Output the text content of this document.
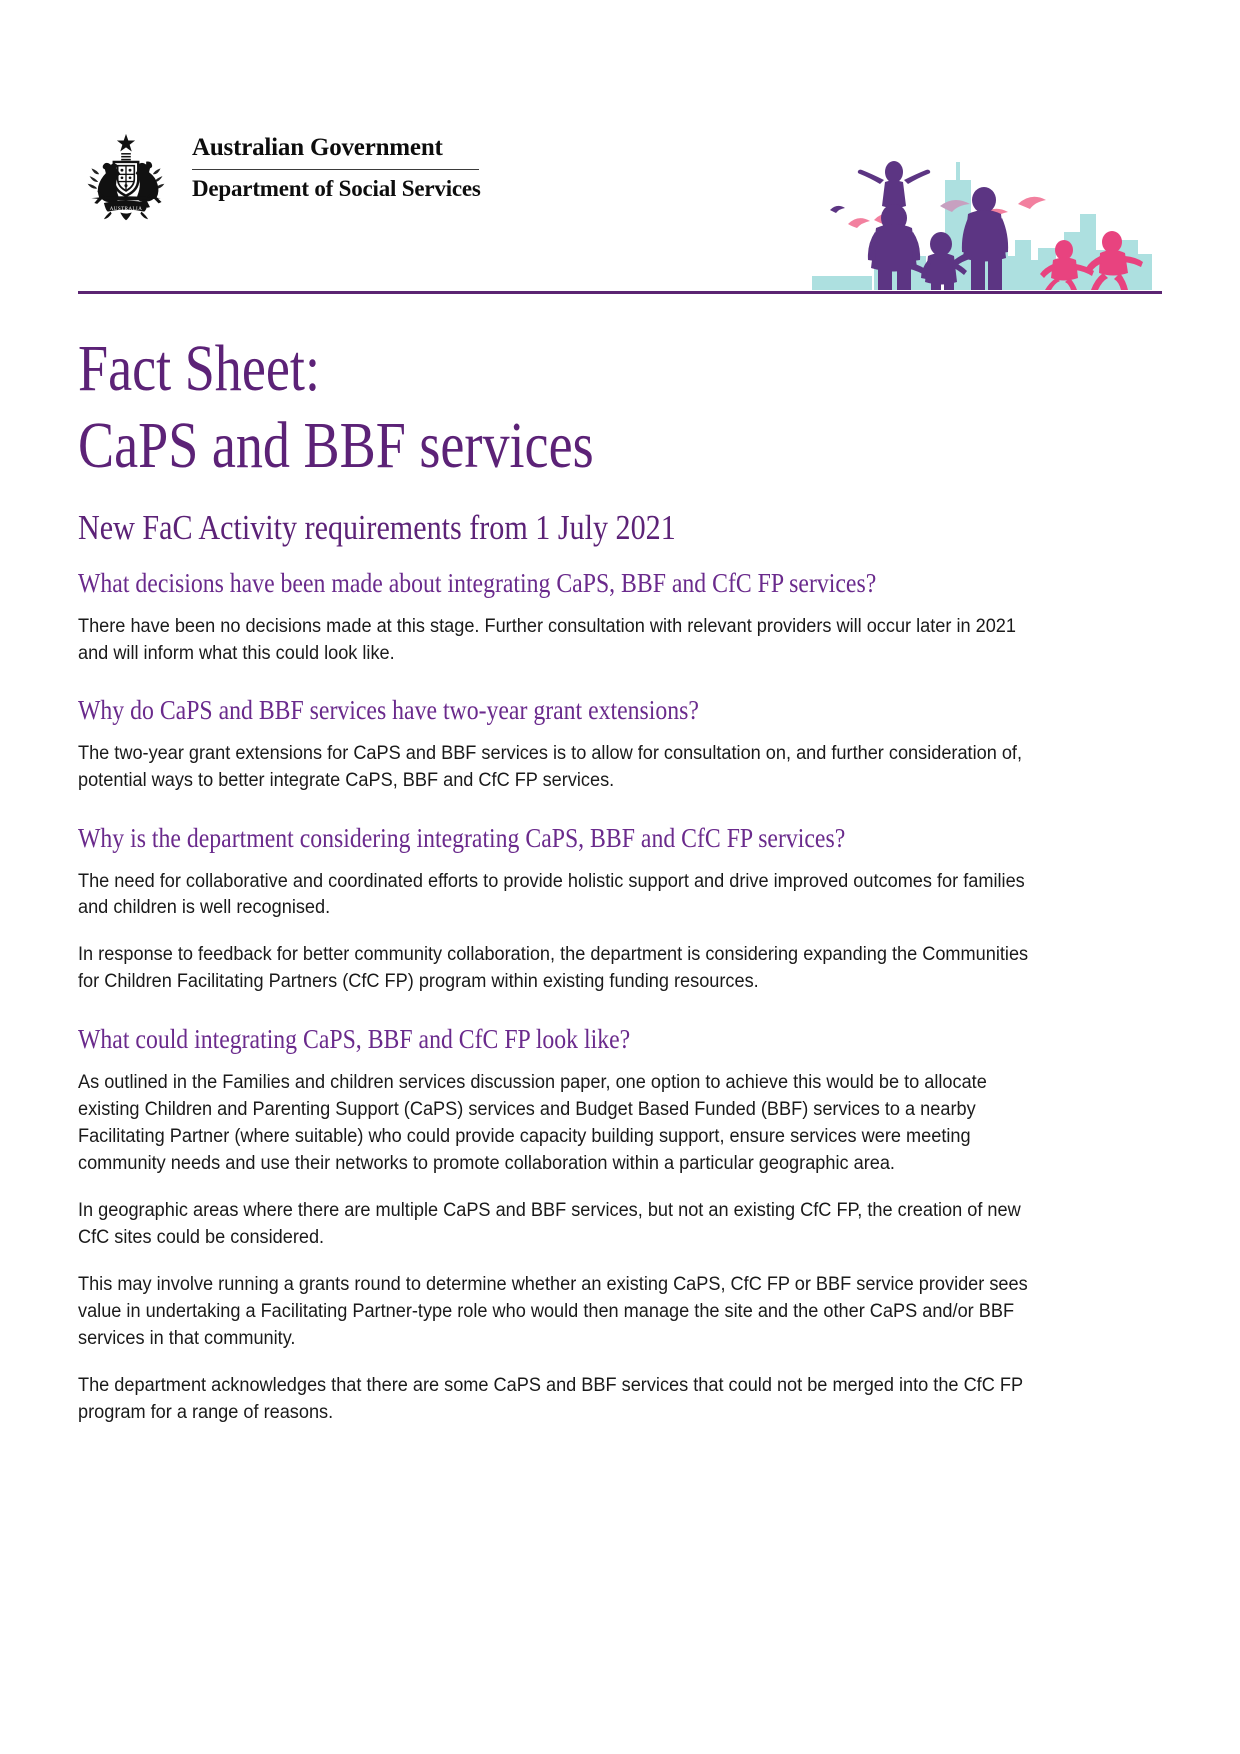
AUSTRALIA
Australian Government
Department of Social Services
Fact Sheet:
CaPS and BBF services
New FaC Activity requirements from 1 July 2021
What decisions have been made about integrating CaPS, BBF and CfC FP services?

There have been no decisions made at this stage. Further consultation with relevant providers will occur later in 2021 and will inform what this could look like.

Why do CaPS and BBF services have two-year grant extensions?

The two-year grant extensions for CaPS and BBF services is to allow for consultation on, and further consideration of, potential ways to better integrate CaPS, BBF and CfC FP services.

Why is the department considering integrating CaPS, BBF and CfC FP services?

The need for collaborative and coordinated efforts to provide holistic support and drive improved outcomes for families and children is well recognised.

In response to feedback for better community collaboration, the department is considering expanding the Communities for Children Facilitating Partners (CfC FP) program within existing funding resources.

What could integrating CaPS, BBF and CfC FP look like?

As outlined in the Families and children services discussion paper, one option to achieve this would be to allocate existing Children and Parenting Support (CaPS) services and Budget Based Funded (BBF) services to a nearby Facilitating Partner (where suitable) who could provide capacity building support, ensure services were meeting community needs and use their networks to promote collaboration within a particular geographic area.

In geographic areas where there are multiple CaPS and BBF services, but not an existing CfC FP, the creation of new CfC sites could be considered.

This may involve running a grants round to determine whether an existing CaPS, CfC FP or BBF service provider sees value in undertaking a Facilitating Partner-type role who would then manage the site and the other CaPS and/or BBF services in that community.

The department acknowledges that there are some CaPS and BBF services that could not be merged into the CfC FP program for a range of reasons.
